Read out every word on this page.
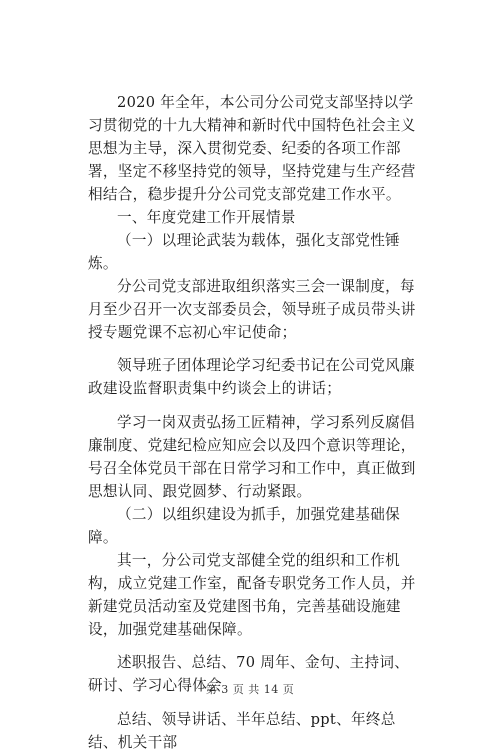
2020 年全年，本公司分公司党支部坚持以学习贯彻党的十九大精神和新时代中国特色社会主义思想为主导，深入贯彻党委、纪委的各项工作部署，坚定不移坚持党的领导，坚持党建与生产经营相结合，稳步提升分公司党支部党建工作水平。

一、年度党建工作开展情景

（一）以理论武装为载体，强化支部党性锤炼。

分公司党支部进取组织落实三会一课制度，每月至少召开一次支部委员会，领导班子成员带头讲授专题党课不忘初心牢记使命；

领导班子团体理论学习纪委书记在公司党风廉政建设监督职责集中约谈会上的讲话；

学习一岗双责弘扬工匠精神，学习系列反腐倡廉制度、党建纪检应知应会以及四个意识等理论，号召全体党员干部在日常学习和工作中，真正做到思想认同、跟党圆梦、行动紧跟。

（二）以组织建设为抓手，加强党建基础保障。

其一，分公司党支部健全党的组织和工作机构，成立党建工作室，配备专职党务工作人员，并新建党员活动室及党建图书角，完善基础设施建设，加强党建基础保障。

述职报告、总结、70 周年、金句、主持词、研讨、学习心得体会

总结、领导讲话、半年总结、ppt、年终总结、机关干部

第 3 页 共 14 页
